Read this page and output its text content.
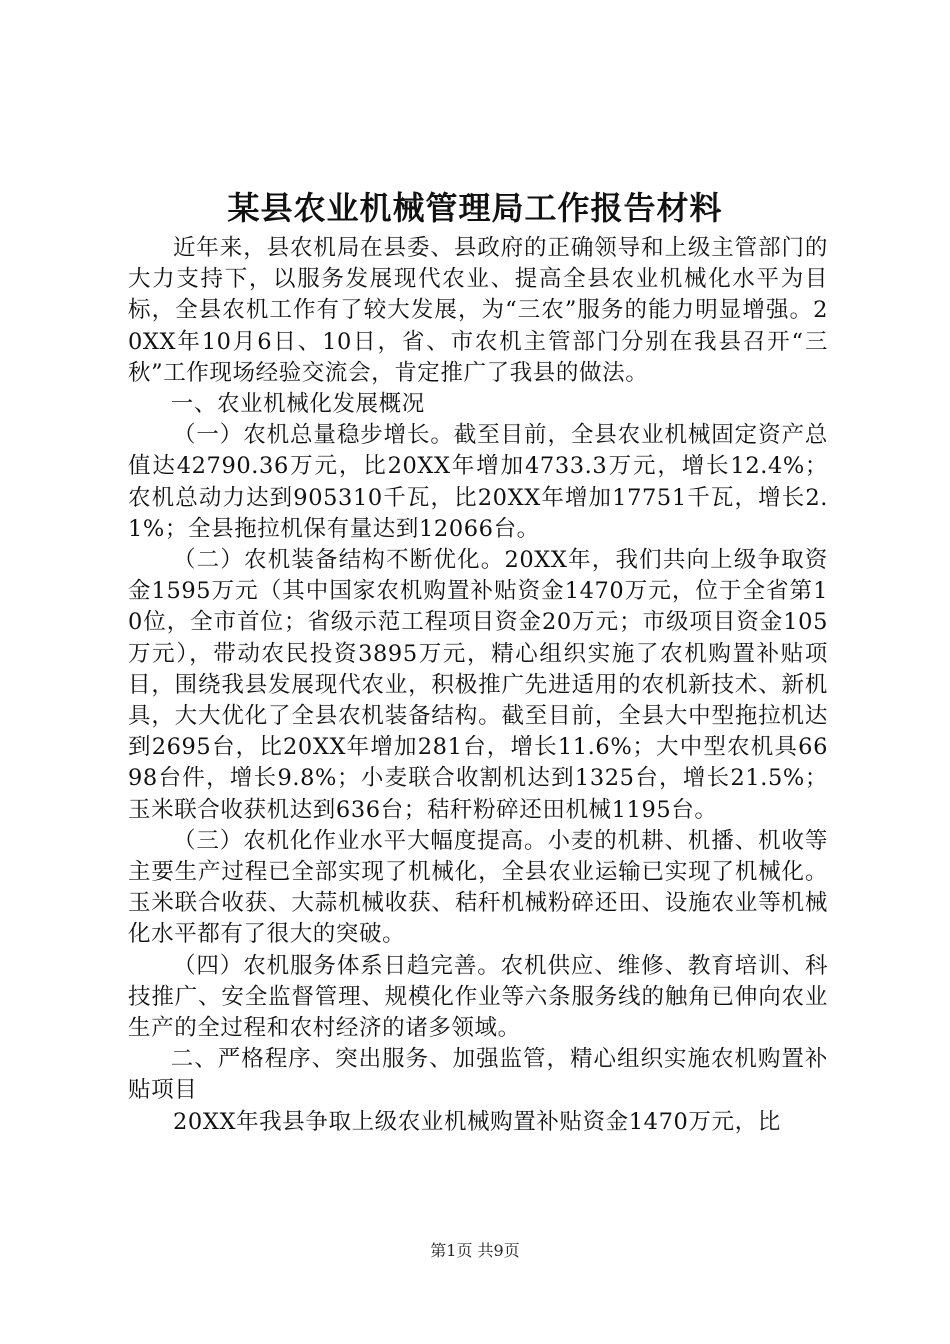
某县农业机械管理局工作报告材料

近年来，县农机局在县委、县政府的正确领导和上级主管部门的大力支持下，以服务发展现代农业、提高全县农业机械化水平为目标，全县农机工作有了较大发展，为“三农”服务的能力明显增强。20XX年10月6日、10日，省、市农机主管部门分别在我县召开“三秋”工作现场经验交流会，肯定推广了我县的做法。

一、农业机械化发展概况

（一）农机总量稳步增长。截至目前，全县农业机械固定资产总值达42790.36万元，比20XX年增加4733.3万元，增长12.4%；农机总动力达到905310千瓦，比20XX年增加17751千瓦，增长2.1%；全县拖拉机保有量达到12066台。

（二）农机装备结构不断优化。20XX年，我们共向上级争取资金1595万元（其中国家农机购置补贴资金1470万元，位于全省第10位，全市首位；省级示范工程项目资金20万元；市级项目资金105万元），带动农民投资3895万元，精心组织实施了农机购置补贴项目，围绕我县发展现代农业，积极推广先进适用的农机新技术、新机具，大大优化了全县农机装备结构。截至目前，全县大中型拖拉机达到2695台，比20XX年增加281台，增长11.6%；大中型农机具6698台件，增长9.8%；小麦联合收割机达到1325台，增长21.5%；玉米联合收获机达到636台；秸秆粉碎还田机械1195台。

（三）农机化作业水平大幅度提高。小麦的机耕、机播、机收等主要生产过程已全部实现了机械化，全县农业运输已实现了机械化。玉米联合收获、大蒜机械收获、秸秆机械粉碎还田、设施农业等机械化水平都有了很大的突破。

（四）农机服务体系日趋完善。农机供应、维修、教育培训、科技推广、安全监督管理、规模化作业等六条服务线的触角已伸向农业生产的全过程和农村经济的诸多领域。

二、严格程序、突出服务、加强监管，精心组织实施农机购置补贴项目

20XX年我县争取上级农业机械购置补贴资金1470万元，比

第1页 共9页
